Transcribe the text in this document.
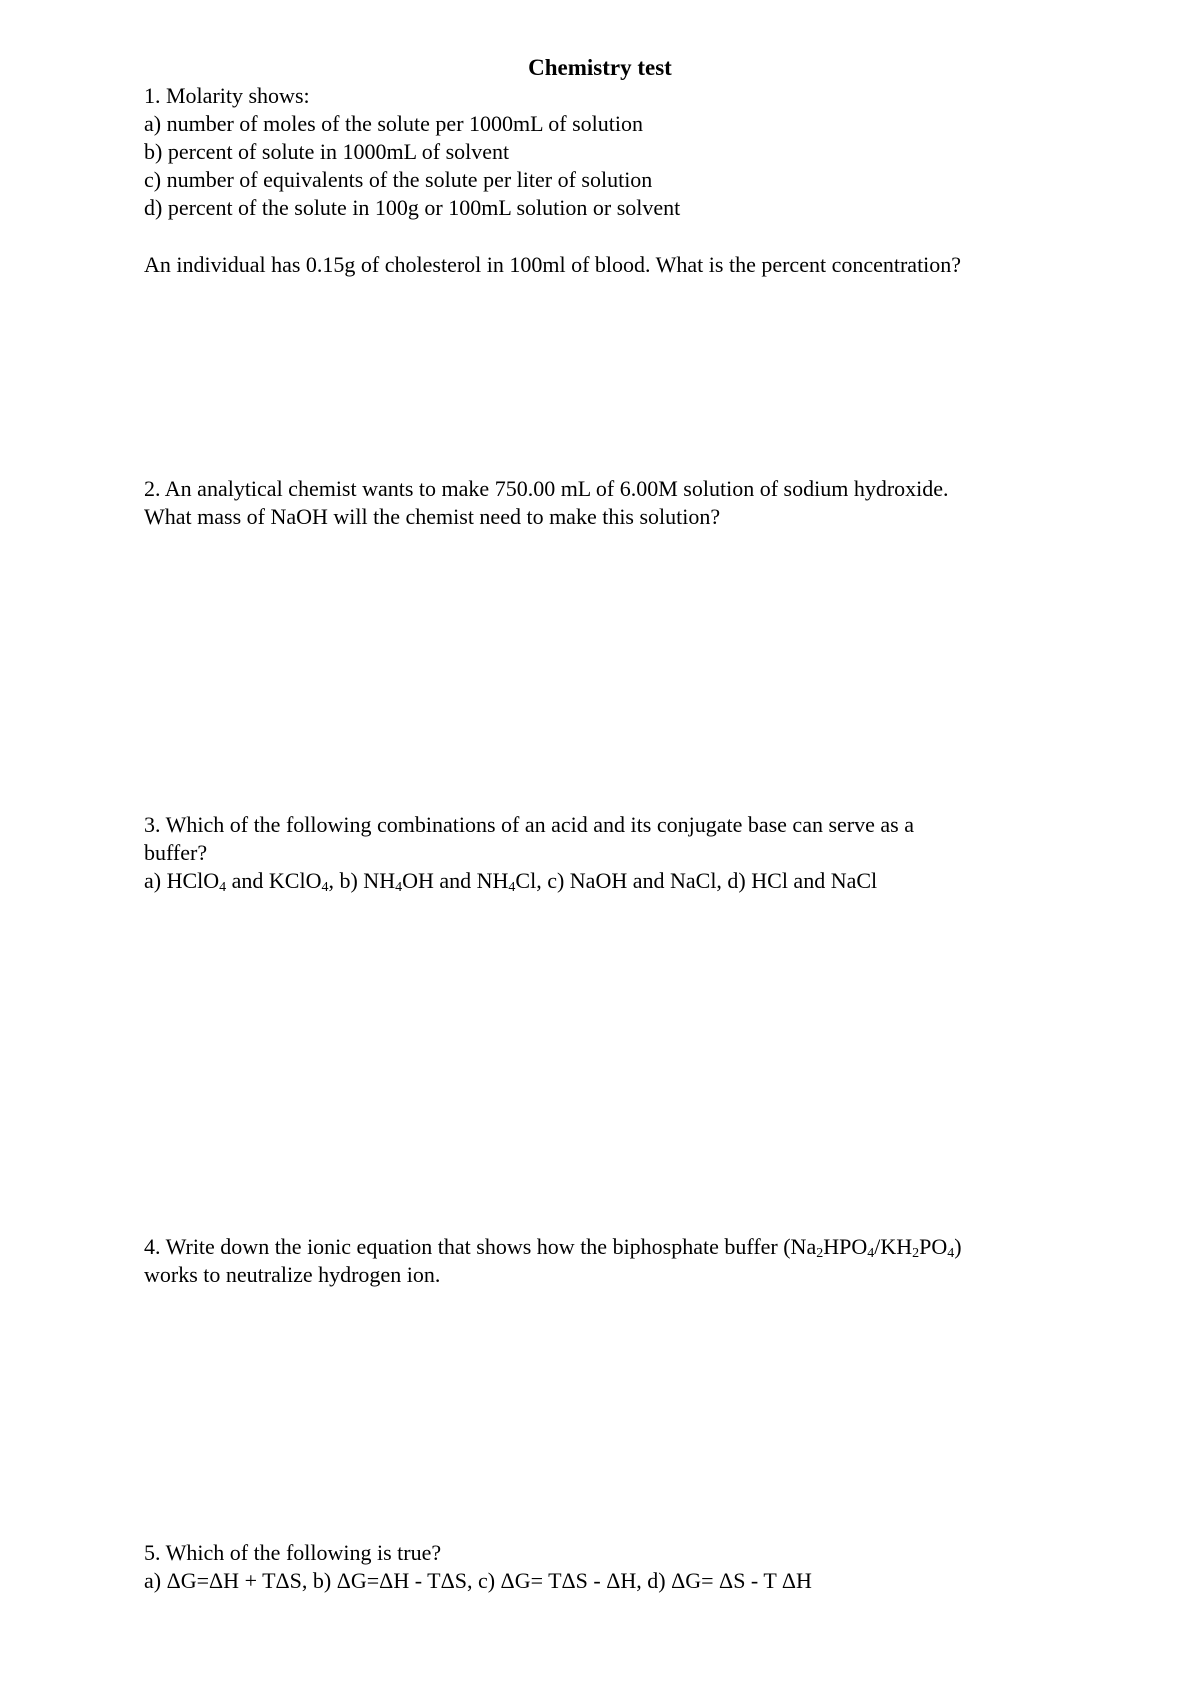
Chemistry test
1. Molarity shows:
a) number of moles of the solute per 1000mL of solution
b) percent of solute in 1000mL of solvent
c) number of equivalents of the solute per liter of solution
d) percent of the solute in 100g or 100mL solution or solvent
An individual has 0.15g of cholesterol in 100ml of blood. What is the percent concentration?
2. An analytical chemist wants to make 750.00 mL of 6.00M solution of sodium hydroxide.
What mass of NaOH will the chemist need to make this solution?
3. Which of the following combinations of an acid and its conjugate base can serve as a
buffer?
a) HClO$_4$ and KClO$_4$, b) $NH_4OH$ and $NH_4Cl$, c) NaOH and NaCl, d) HCl and NaCl
4. Write down the ionic equation that shows how the biphosphate buffer $(Na_2HPO_4/KH_2PO_4)$
works to neutralize hydrogen ion.
5. Which of the following is true?
a) ΔG=ΔH + TΔS, b) ΔG=ΔH - TΔS, c) ΔG= TΔS - ΔH, d) ΔG= ΔS - T ΔH
